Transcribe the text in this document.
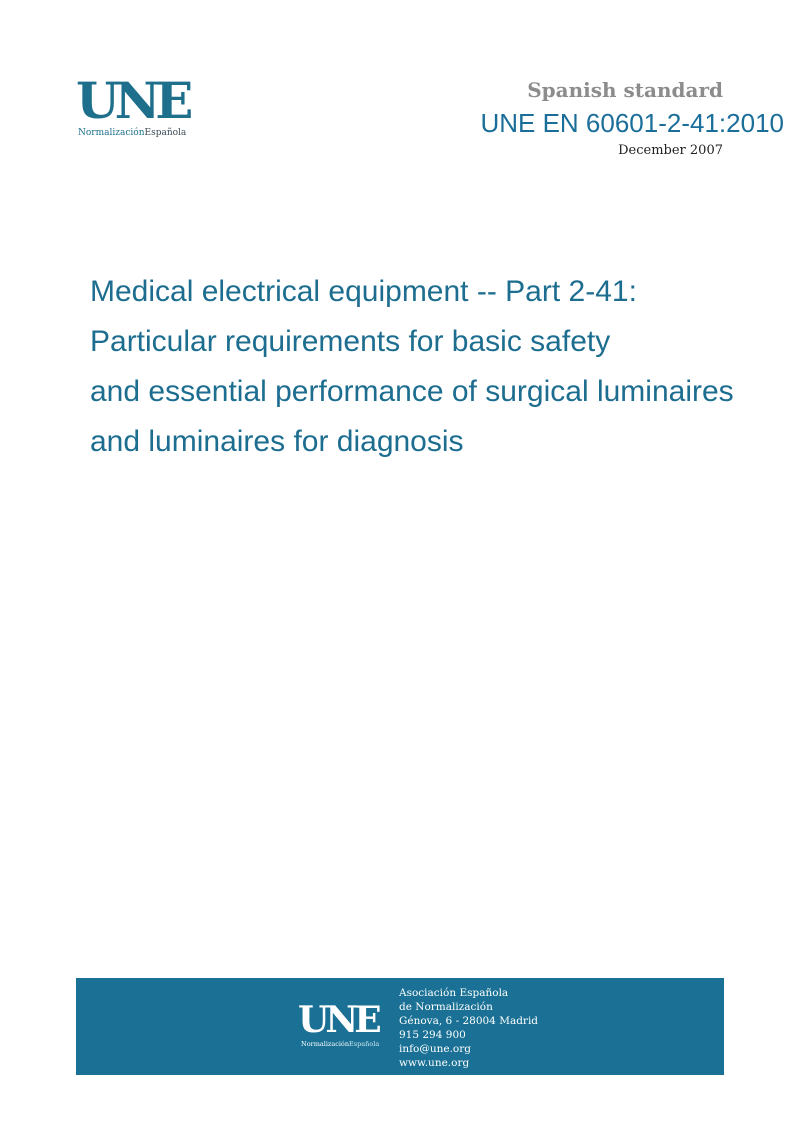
UNE
NormalizaciónEspañola
Spanish standard
UNE EN 60601-2-41:2010
December 2007
Medical electrical equipment -- Part 2-41:
Particular requirements for basic safety
and essential performance of surgical luminaires
and luminaires for diagnosis
UNE
NormalizaciónEspañola
Asociación Española
de Normalización
Génova, 6 - 28004 Madrid
915 294 900
info@une.org
www.une.org
